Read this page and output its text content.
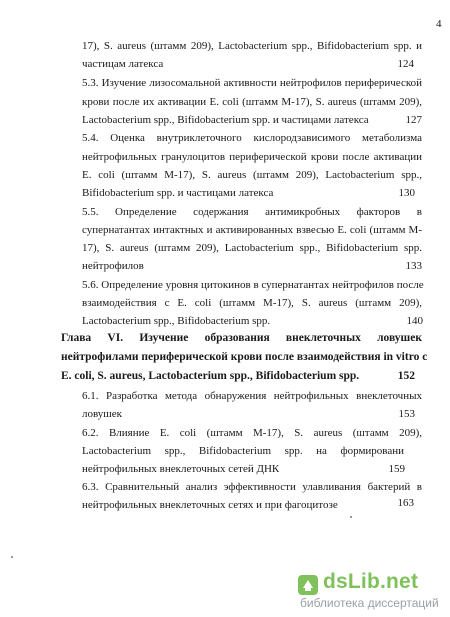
4
17), S. aureus (штамм 209), Lactobacterium spp., Bifidobacterium spp. и
частицам латекса	124
5.3. Изучение лизосомальной активности нейтрофилов периферической
крови после их активации E. coli (штамм М-17), S. aureus (штамм 209),
Lactobacterium spp., Bifidobacterium spp. и частицами латекса	127
5.4. Оценка внутриклеточного кислородзависимого метаболизма
нейтрофильных гранулоцитов периферической крови после активации
E. coli (штамм М-17), S. aureus (штамм 209), Lactobacterium spp.,
Bifidobacterium spp. и частицами латекса	130
5.5. Определение содержания антимикробных факторов в
супернатантах интактных и активированных взвесью E. coli (штамм М-
17), S. aureus (штамм 209), Lactobacterium spp., Bifidobacterium spp.
нейтрофилов	133
5.6. Определение уровня цитокинов в супернатантах нейтрофилов после
взаимодействия с E. coli (штамм М-17), S. aureus (штамм 209),
Lactobacterium spp., Bifidobacterium spp.	140
Глава VI. Изучение образования внеклеточных ловушек
нейтрофилами периферической крови после взаимодействия in vitro с
E. coli, S. aureus, Lactobacterium spp., Bifidobacterium spp.	152
6.1. Разработка метода обнаружения нейтрофильных внеклеточных
ловушек	153
6.2. Влияние E. coli (штамм М-17), S. aureus (штамм 209),
Lactobacterium spp., Bifidobacterium spp. на формировани
нейтрофильных внеклеточных сетей ДНК	159
6.3. Сравнительный анализ эффективности улавливания бактерий в
нейтрофильных внеклеточных сетях и при фагоцитозе	163
dsLib.net
библиотека диссертаций
